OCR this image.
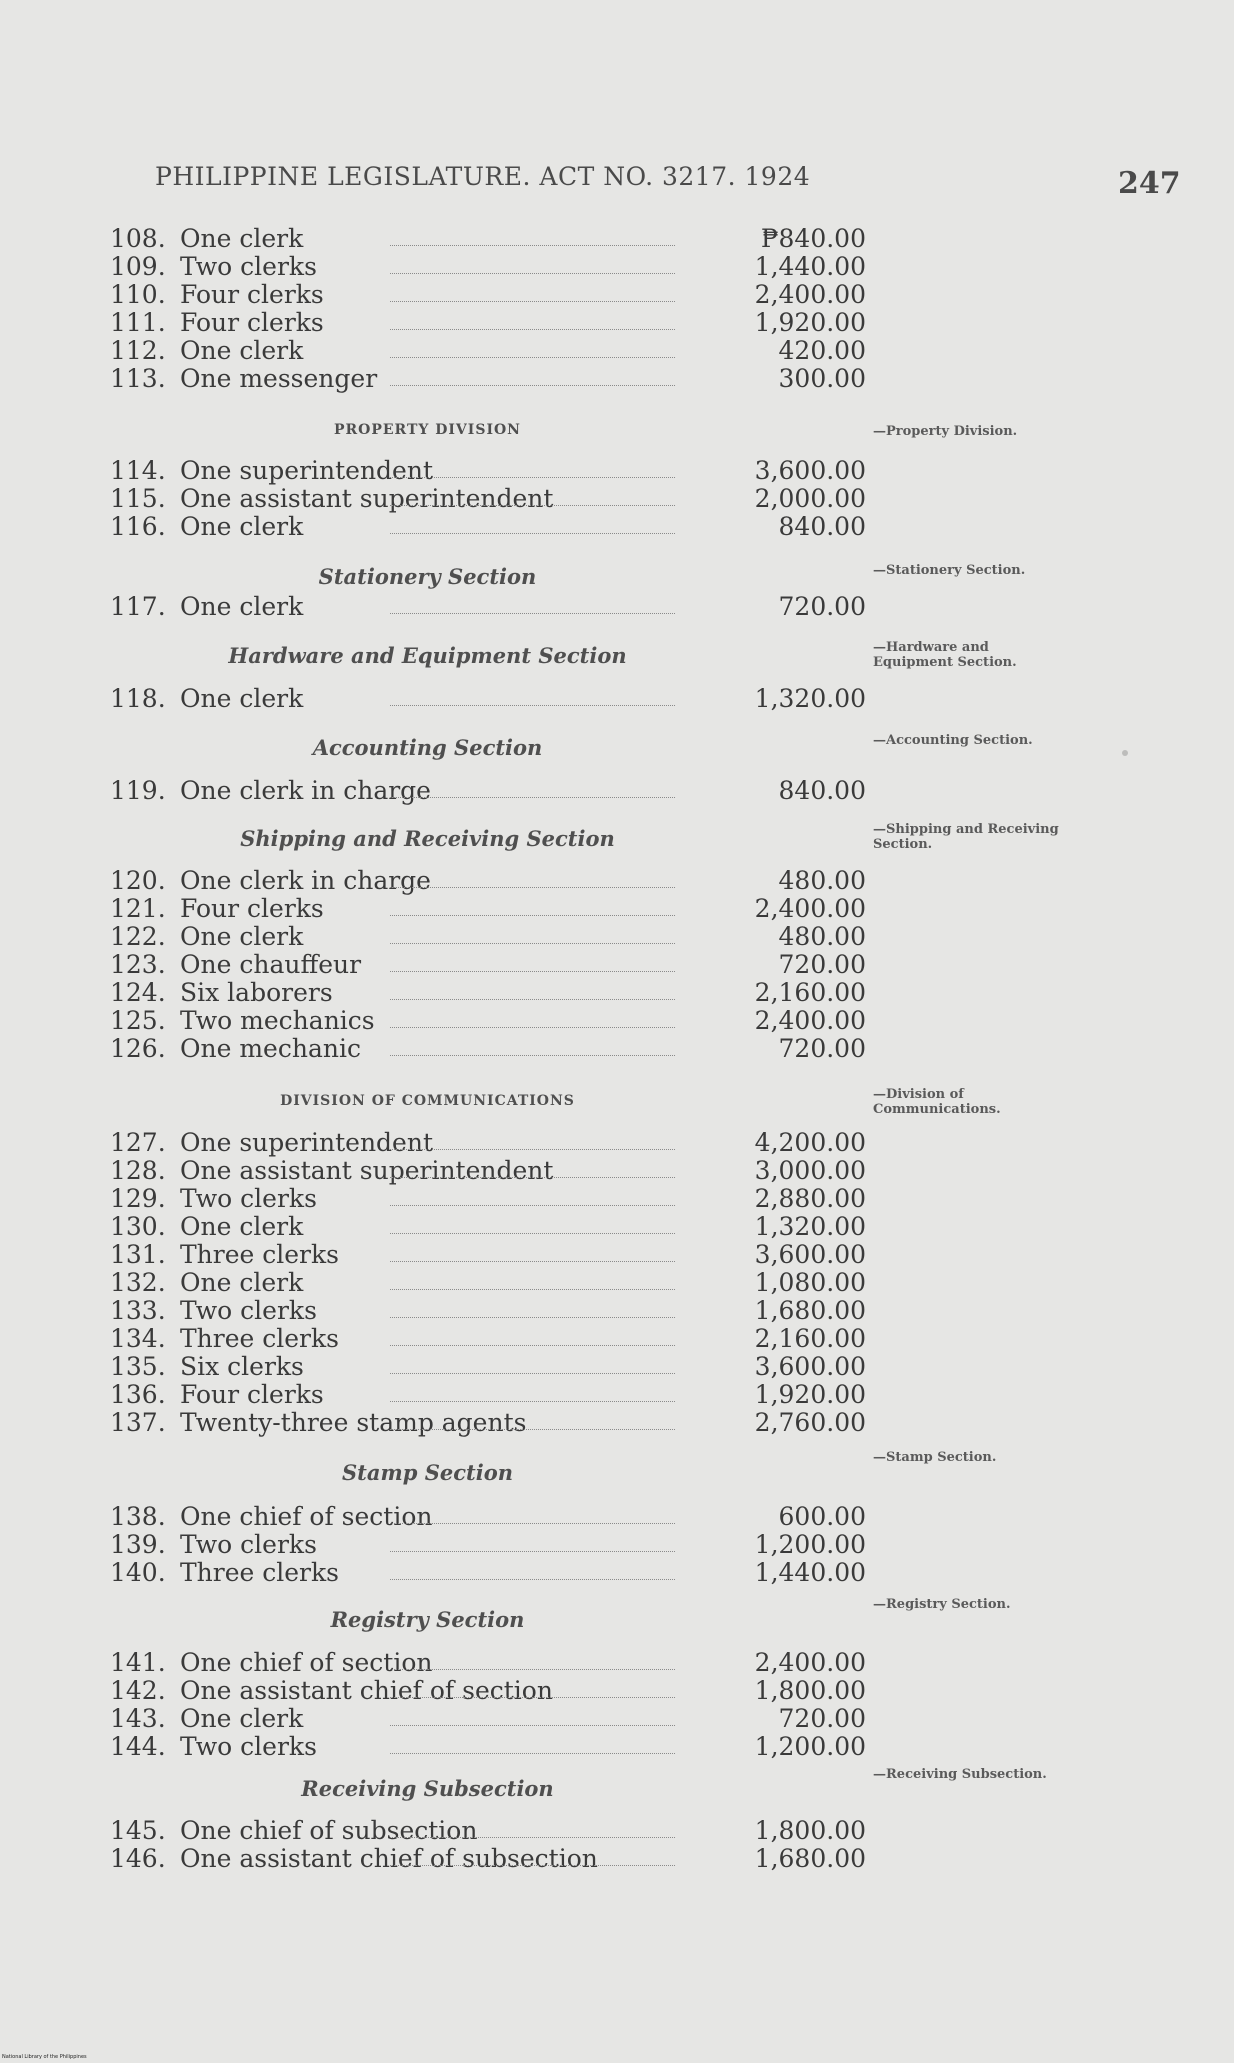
PHILIPPINE LEGISLATURE. ACT NO. 3217. 1924	247
PROPERTY DIVISION
Stationery Section
Hardware and Equipment Section
Accounting Section
Shipping and Receiving Section
DIVISION OF COMMUNICATIONS
Stamp Section
Registry Section
Receiving Subsection
—Property Division.
—Stationery Section.
—Hardware and Equipment Section.
—Accounting Section.
—Shipping and Receiving Section.
—Division of Communications.
—Stamp Section.
—Registry Section.
—Receiving Subsection.
108. One clerk	₱840.00
109. Two clerks	1,440.00
110. Four clerks	2,400.00
111. Four clerks	1,920.00
112. One clerk	420.00
113. One messenger	300.00
114. One superintendent	3,600.00
115. One assistant superintendent	2,000.00
116. One clerk	840.00
117. One clerk	720.00
118. One clerk	1,320.00
119. One clerk in charge	840.00
120. One clerk in charge	480.00
121. Four clerks	2,400.00
122. One clerk	480.00
123. One chauffeur	720.00
124. Six laborers	2,160.00
125. Two mechanics	2,400.00
126. One mechanic	720.00
127. One superintendent	4,200.00
128. One assistant superintendent	3,000.00
129. Two clerks	2,880.00
130. One clerk	1,320.00
131. Three clerks	3,600.00
132. One clerk	1,080.00
133. Two clerks	1,680.00
134. Three clerks	2,160.00
135. Six clerks	3,600.00
136. Four clerks	1,920.00
137. Twenty-three stamp agents	2,760.00
138. One chief of section	600.00
139. Two clerks	1,200.00
140. Three clerks	1,440.00
141. One chief of section	2,400.00
142. One assistant chief of section	1,800.00
143. One clerk	720.00
144. Two clerks	1,200.00
145. One chief of subsection	1,800.00
146. One assistant chief of subsection	1,680.00
National Library of the Philippines
